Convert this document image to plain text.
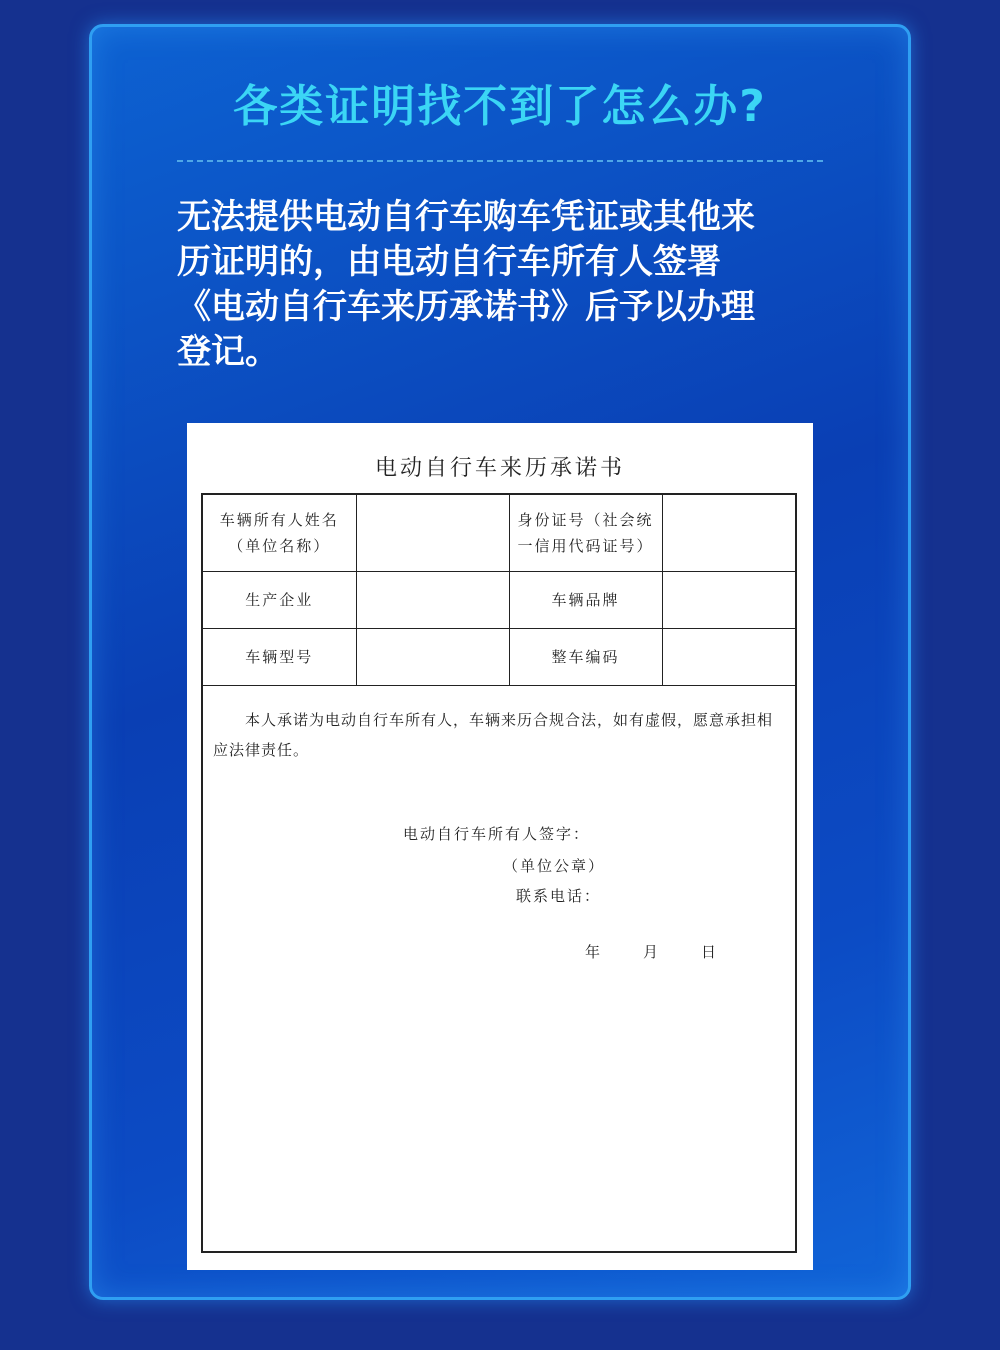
各类证明找不到了怎么办?
无法提供电动自行车购车凭证或其他来历证明的，由电动自行车所有人签署《电动自行车来历承诺书》后予以办理登记。
电动自行车来历承诺书
车辆所有人姓名（单位名称）		身份证号（社会统一信用代码证号）	
生产企业		车辆品牌	
车辆型号		整车编码	
本人承诺为电动自行车所有人，车辆来历合规合法，如有虚假，愿意承担相应法律责任。
电动自行车所有人签字：
（单位公章）
联系电话：
年	月	日
